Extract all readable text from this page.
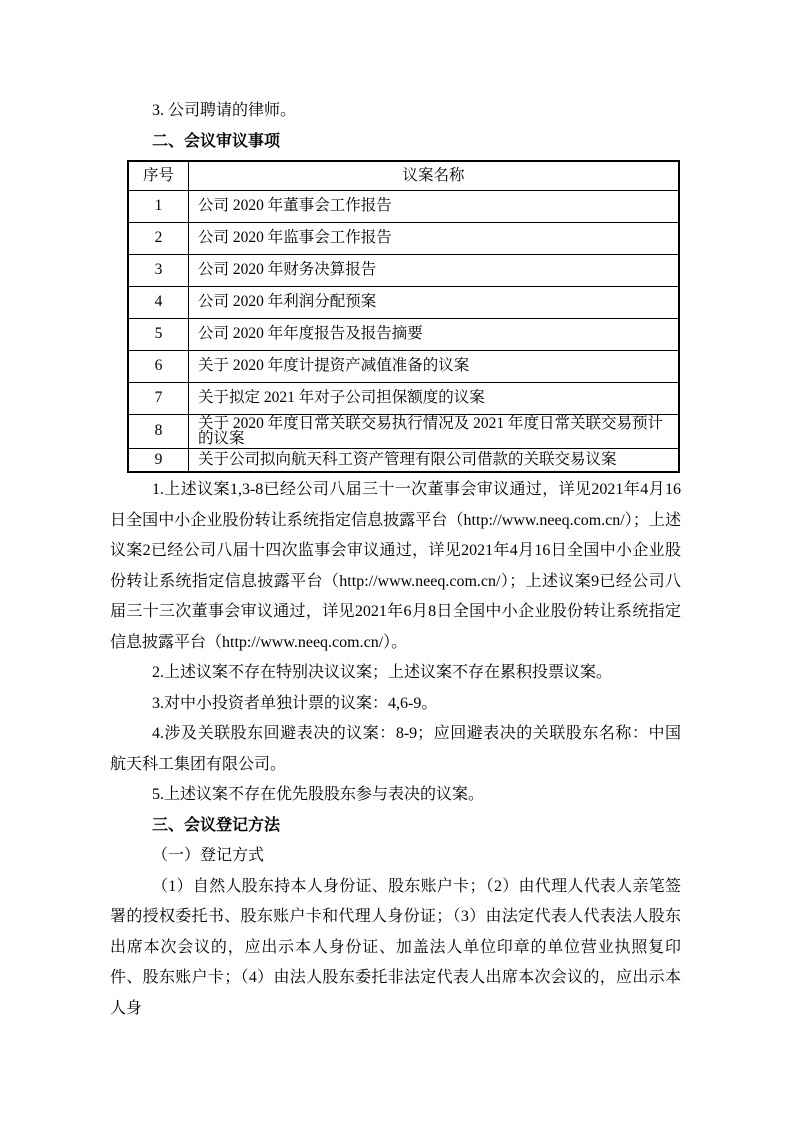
3. 公司聘请的律师。

二、会议审议事项

序号	议案名称
1	公司 2020 年董事会工作报告
2	公司 2020 年监事会工作报告
3	公司 2020 年财务决算报告
4	公司 2020 年利润分配预案
5	公司 2020 年年度报告及报告摘要
6	关于 2020 年度计提资产减值准备的议案
7	关于拟定 2021 年对子公司担保额度的议案
8	关于 2020 年度日常关联交易执行情况及 2021 年度日常关联交易预计的议案
9	关于公司拟向航天科工资产管理有限公司借款的关联交易议案

1.上述议案1,3-8已经公司八届三十一次董事会审议通过，详见2021年4月16日全国中小企业股份转让系统指定信息披露平台（http://www.neeq.com.cn/）；上述议案2已经公司八届十四次监事会审议通过，详见2021年4月16日全国中小企业股份转让系统指定信息披露平台（http://www.neeq.com.cn/）；上述议案9已经公司八届三十三次董事会审议通过，详见2021年6月8日全国中小企业股份转让系统指定信息披露平台（http://www.neeq.com.cn/）。

2.上述议案不存在特别决议议案；上述议案不存在累积投票议案。

3.对中小投资者单独计票的议案：4,6-9。

4.涉及关联股东回避表决的议案：8-9；应回避表决的关联股东名称：中国航天科工集团有限公司。

5.上述议案不存在优先股股东参与表决的议案。

三、会议登记方法

（一）登记方式

（1）自然人股东持本人身份证、股东账户卡；（2）由代理人代表人亲笔签署的授权委托书、股东账户卡和代理人身份证；（3）由法定代表人代表法人股东出席本次会议的，应出示本人身份证、加盖法人单位印章的单位营业执照复印件、股东账户卡；（4）由法人股东委托非法定代表人出席本次会议的，应出示本人身
